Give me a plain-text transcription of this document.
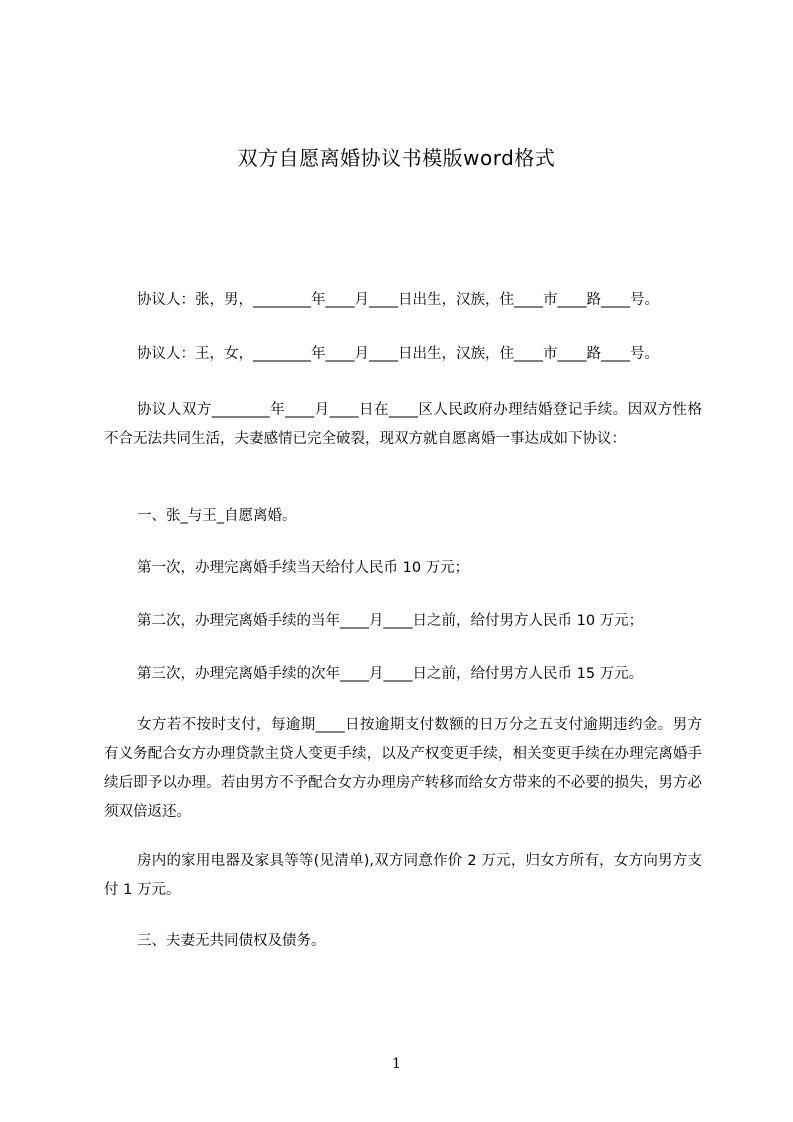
双方自愿离婚协议书模版word格式
协议人：张，男，________年____月____日出生，汉族，住____市____路____号。
协议人：王，女，________年____月____日出生，汉族，住____市____路____号。
协议人双方________年____月____日在____区人民政府办理结婚登记手续。因双方性格不合无法共同生活，夫妻感情已完全破裂，现双方就自愿离婚一事达成如下协议：
一、张_与王_自愿离婚。
第一次，办理完离婚手续当天给付人民币 10 万元；
第二次，办理完离婚手续的当年____月____日之前，给付男方人民币 10 万元；
第三次，办理完离婚手续的次年____月____日之前，给付男方人民币 15 万元。
女方若不按时支付，每逾期____日按逾期支付数额的日万分之五支付逾期违约金。男方有义务配合女方办理贷款主贷人变更手续，以及产权变更手续，相关变更手续在办理完离婚手续后即予以办理。若由男方不予配合女方办理房产转移而给女方带来的不必要的损失，男方必须双倍返还。
房内的家用电器及家具等等(见清单),双方同意作价 2 万元，归女方所有，女方向男方支付 1 万元。
三、夫妻无共同债权及债务。
1
